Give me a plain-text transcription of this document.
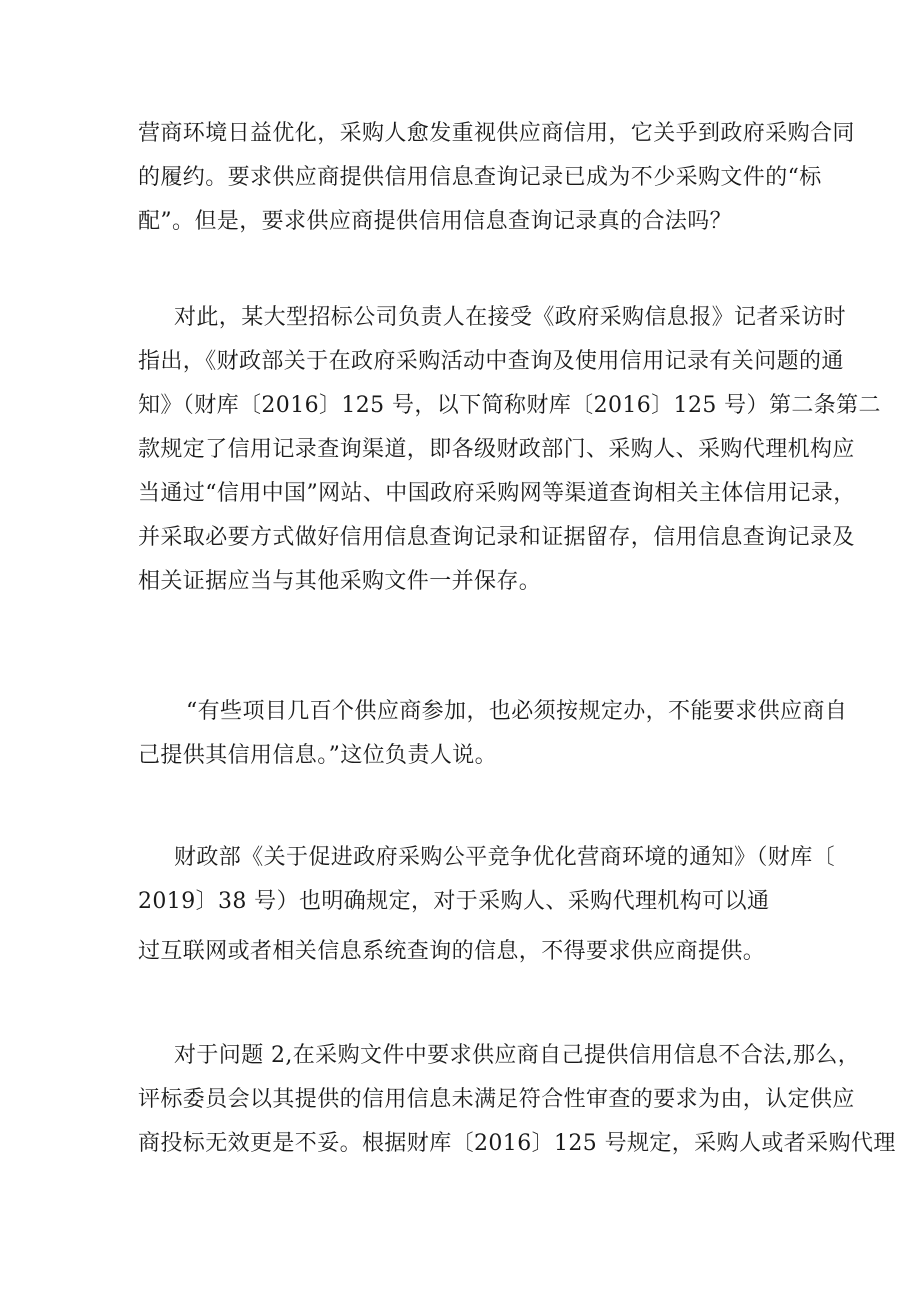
营商环境日益优化，采购人愈发重视供应商信用，它关乎到政府采购合同
的履约。要求供应商提供信用信息查询记录已成为不少采购文件的“标
配”。但是，要求供应商提供信用信息查询记录真的合法吗？
对此，某大型招标公司负责人在接受《政府采购信息报》记者采访时
指出，《财政部关于在政府采购活动中查询及使用信用记录有关问题的通
知》（财库〔2016〕125 号，以下简称财库〔2016〕125 号）第二条第二
款规定了信用记录查询渠道，即各级财政部门、采购人、采购代理机构应
当通过“信用中国”网站、中国政府采购网等渠道查询相关主体信用记录，
并采取必要方式做好信用信息查询记录和证据留存，信用信息查询记录及
相关证据应当与其他采购文件一并保存。
“有些项目几百个供应商参加，也必须按规定办，不能要求供应商自
己提供其信用信息。”这位负责人说。
财政部《关于促进政府采购公平竞争优化营商环境的通知》（财库〔
2019〕38 号）也明确规定，对于采购人、采购代理机构可以通
过互联网或者相关信息系统查询的信息，不得要求供应商提供。
对于问题 2,在采购文件中要求供应商自己提供信用信息不合法,那么，
评标委员会以其提供的信用信息未满足符合性审查的要求为由，认定供应
商投标无效更是不妥。根据财库〔2016〕125 号规定，采购人或者采购代理
